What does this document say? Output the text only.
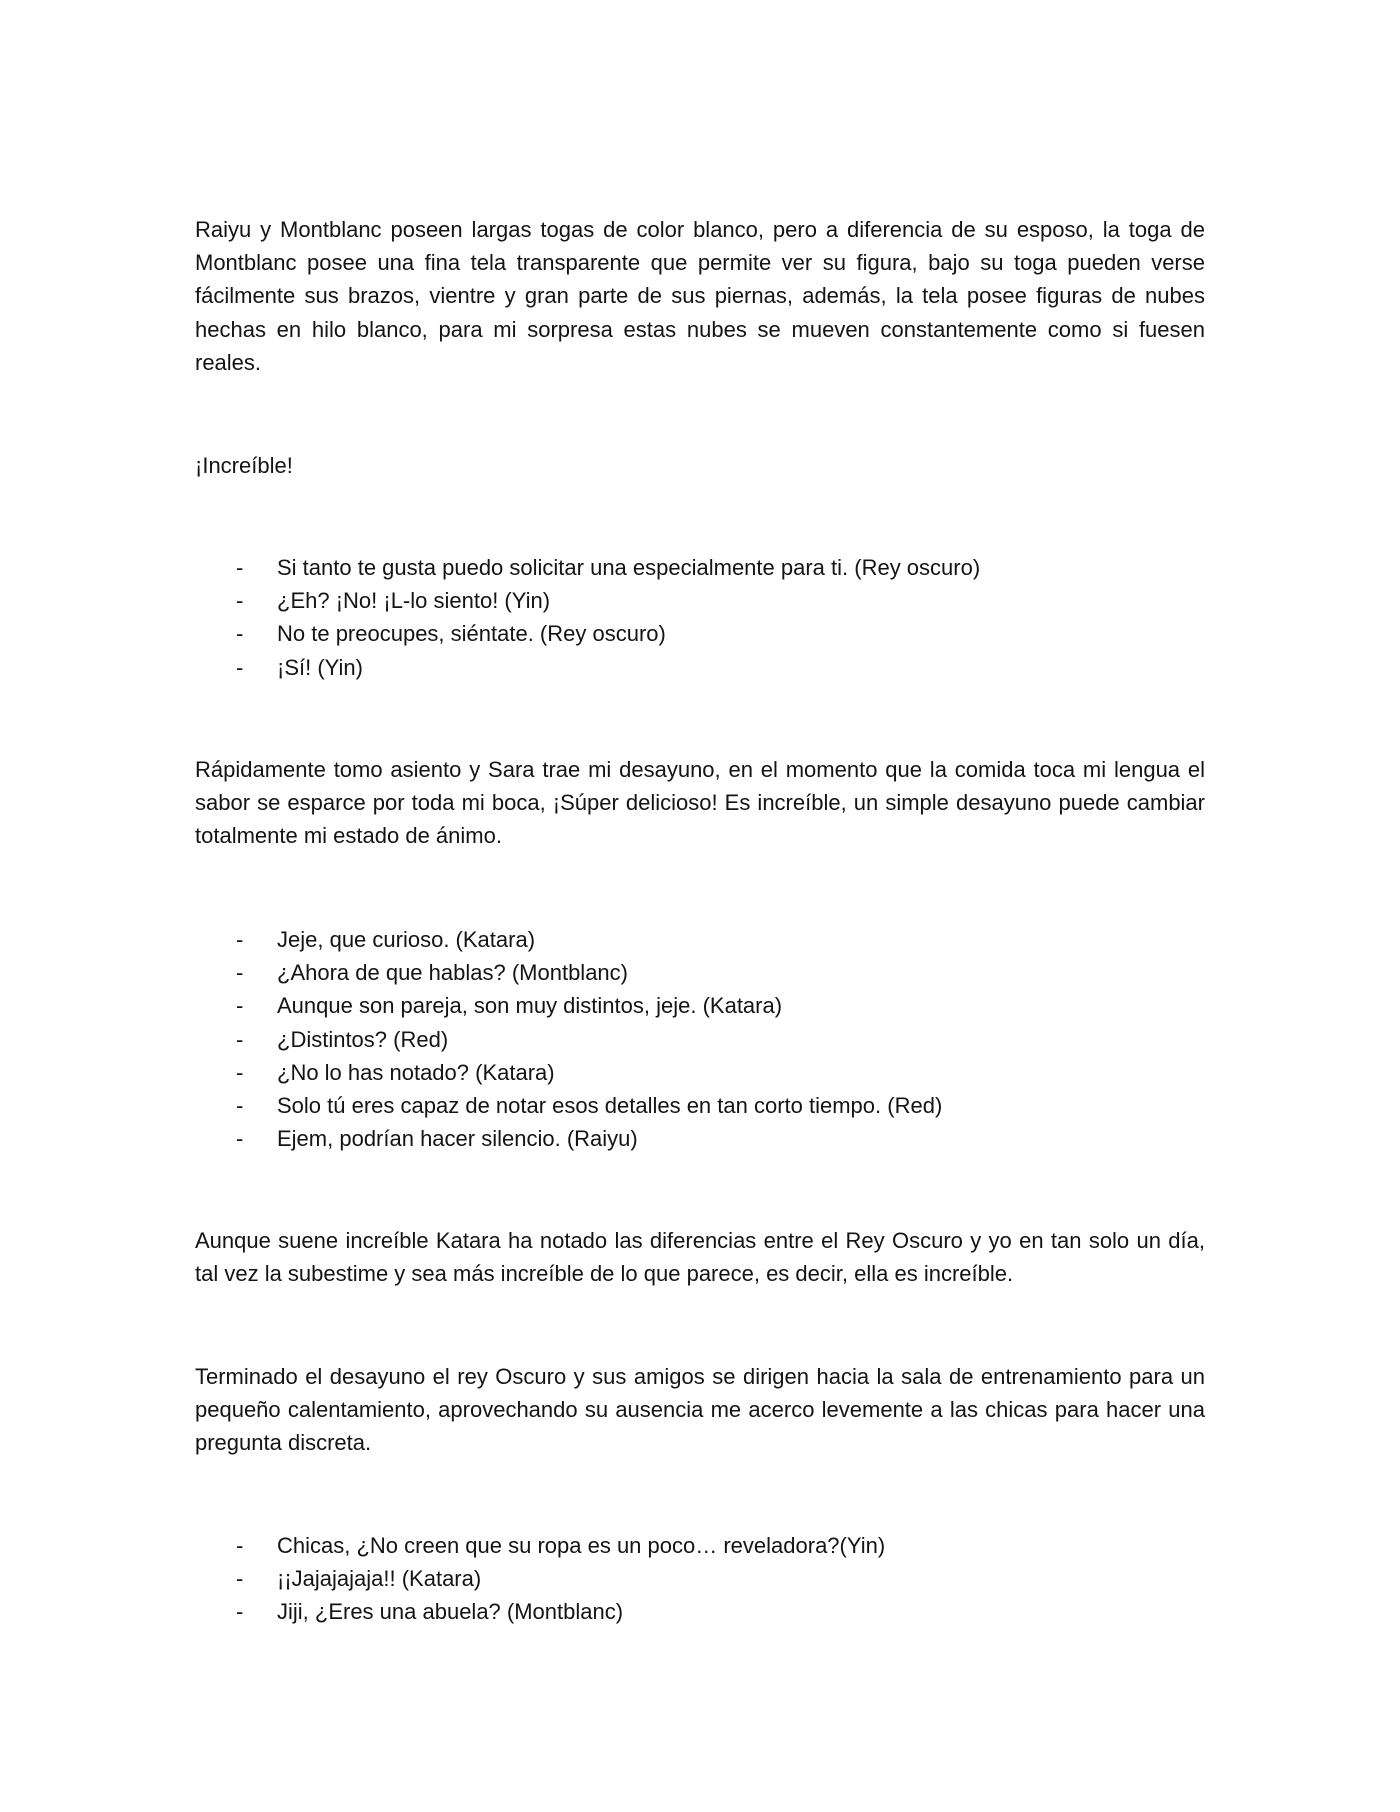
Raiyu y Montblanc poseen largas togas de color blanco, pero a diferencia de su esposo, la toga de Montblanc posee una fina tela transparente que permite ver su figura, bajo su toga pueden verse fácilmente sus brazos, vientre y gran parte de sus piernas, además, la tela posee figuras de nubes hechas en hilo blanco, para mi sorpresa estas nubes se mueven constantemente como si fuesen reales.

¡Increíble!

- Si tanto te gusta puedo solicitar una especialmente para ti. (Rey oscuro)
- ¿Eh? ¡No! ¡L-lo siento! (Yin)
- No te preocupes, siéntate. (Rey oscuro)
- ¡Sí! (Yin)

Rápidamente tomo asiento y Sara trae mi desayuno, en el momento que la comida toca mi lengua el sabor se esparce por toda mi boca, ¡Súper delicioso! Es increíble, un simple desayuno puede cambiar totalmente mi estado de ánimo.

- Jeje, que curioso. (Katara)
- ¿Ahora de que hablas? (Montblanc)
- Aunque son pareja, son muy distintos, jeje. (Katara)
- ¿Distintos? (Red)
- ¿No lo has notado? (Katara)
- Solo tú eres capaz de notar esos detalles en tan corto tiempo. (Red)
- Ejem, podrían hacer silencio. (Raiyu)

Aunque suene increíble Katara ha notado las diferencias entre el Rey Oscuro y yo en tan solo un día, tal vez la subestime y sea más increíble de lo que parece, es decir, ella es increíble.

Terminado el desayuno el rey Oscuro y sus amigos se dirigen hacia la sala de entrenamiento para un pequeño calentamiento, aprovechando su ausencia me acerco levemente a las chicas para hacer una pregunta discreta.

- Chicas, ¿No creen que su ropa es un poco… reveladora?(Yin)
- ¡¡Jajajajaja!! (Katara)
- Jiji, ¿Eres una abuela? (Montblanc)
